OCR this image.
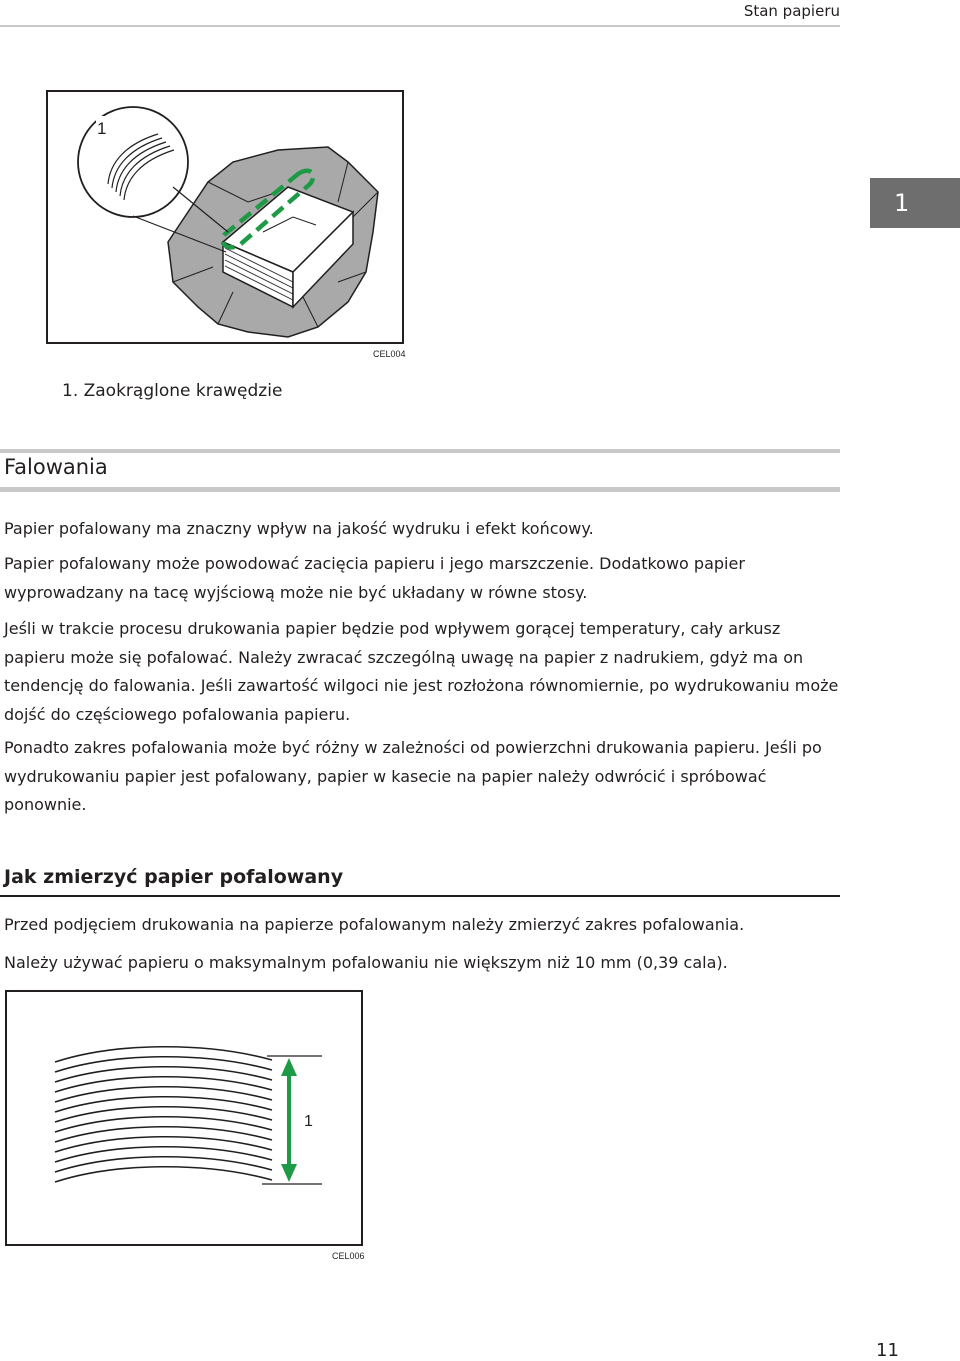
Stan papieru
1
1
CEL004
1. Zaokrąglone krawędzie
Falowania

Papier pofalowany ma znaczny wpływ na jakość wydruku i efekt końcowy.

Papier pofalowany może powodować zacięcia papieru i jego marszczenie. Dodatkowo papier wyprowadzany na tacę wyjściową może nie być układany w równe stosy.

Jeśli w trakcie procesu drukowania papier będzie pod wpływem gorącej temperatury, cały arkusz papieru może się pofalować. Należy zwracać szczególną uwagę na papier z nadrukiem, gdyż ma on tendencję do falowania. Jeśli zawartość wilgoci nie jest rozłożona równomiernie, po wydrukowaniu może dojść do częściowego pofalowania papieru.

Ponadto zakres pofalowania może być różny w zależności od powierzchni drukowania papieru. Jeśli po wydrukowaniu papier jest pofalowany, papier w kasecie na papier należy odwrócić i spróbować ponownie.

Jak zmierzyć papier pofalowany

Przed podjęciem drukowania na papierze pofalowanym należy zmierzyć zakres pofalowania.

Należy używać papieru o maksymalnym pofalowaniu nie większym niż 10 mm (0,39 cala).

1
CEL006
11
